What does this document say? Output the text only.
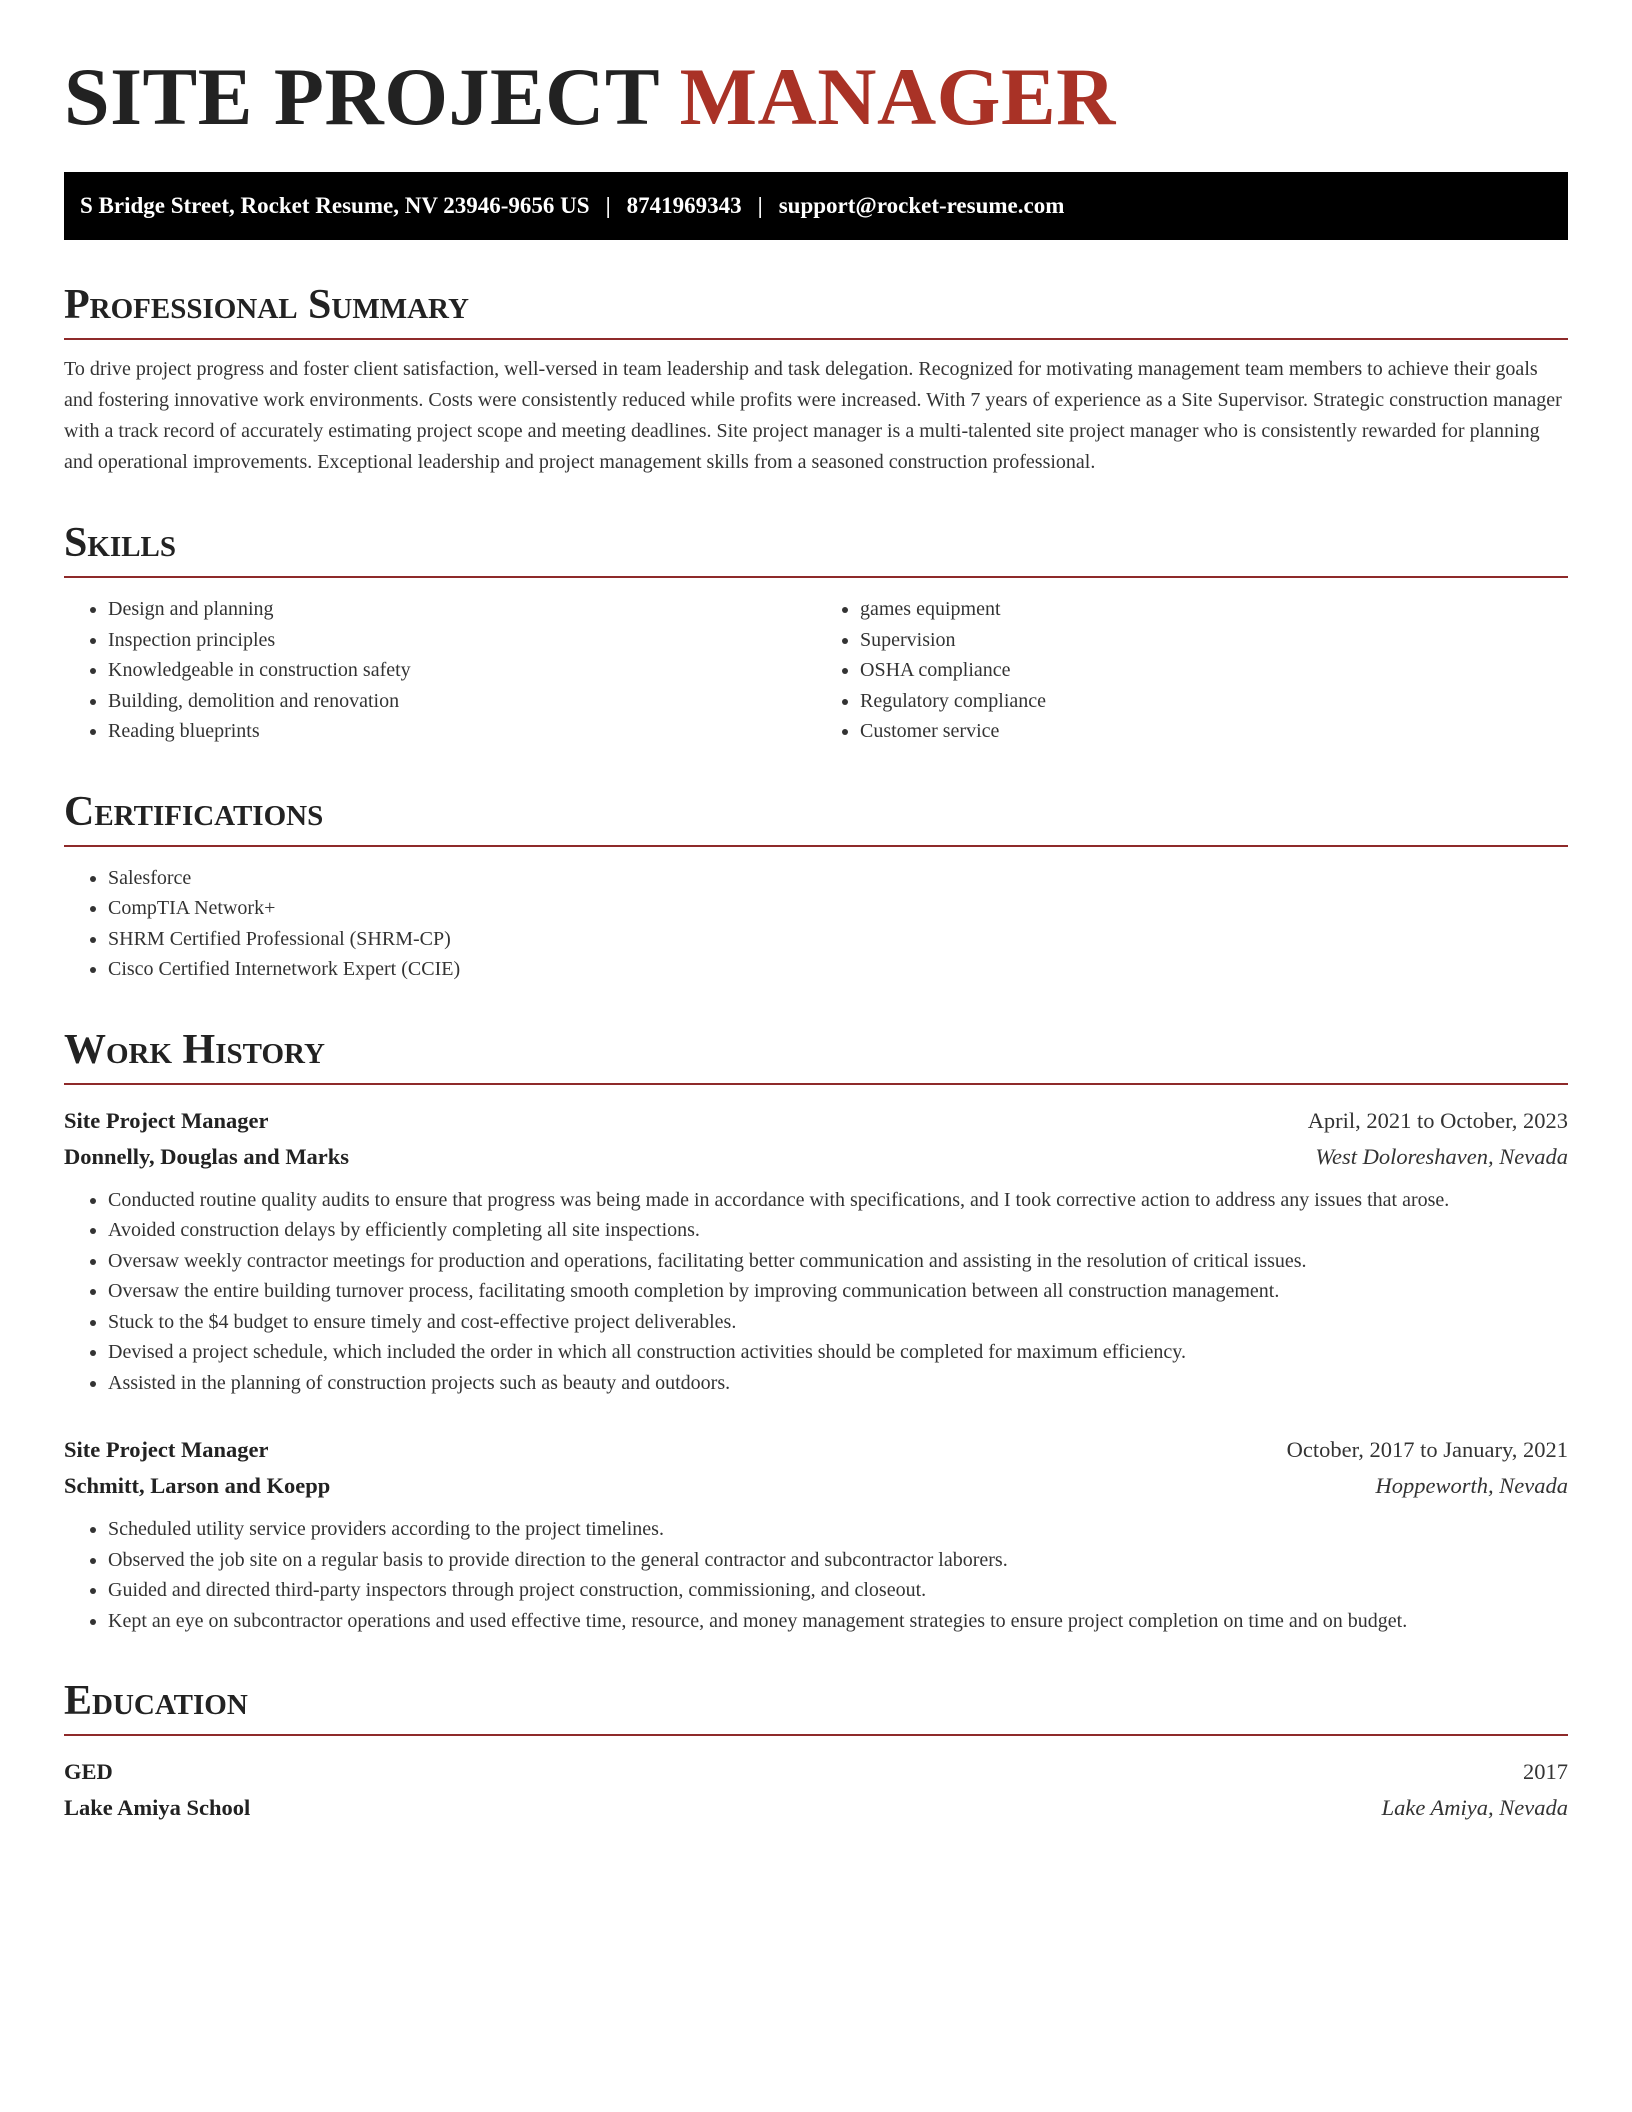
SITE PROJECT MANAGER
S Bridge Street, Rocket Resume, NV 23946-9656 US | 8741969343 | support@rocket-resume.com
Professional Summary

To drive project progress and foster client satisfaction, well-versed in team leadership and task delegation. Recognized for motivating management team members to achieve their goals and fostering innovative work environments. Costs were consistently reduced while profits were increased. With 7 years of experience as a Site Supervisor. Strategic construction manager with a track record of accurately estimating project scope and meeting deadlines. Site project manager is a multi-talented site project manager who is consistently rewarded for planning and operational improvements. Exceptional leadership and project management skills from a seasoned construction professional.

Skills
• Design and planning
• Inspection principles
• Knowledgeable in construction safety
• Building, demolition and renovation
• Reading blueprints
• games equipment
• Supervision
• OSHA compliance
• Regulatory compliance
• Customer service
Certifications
• Salesforce
• CompTIA Network+
• SHRM Certified Professional (SHRM-CP)
• Cisco Certified Internetwork Expert (CCIE)
Work History
Site Project Manager	April, 2021 to October, 2023
Donnelly, Douglas and Marks	West Doloreshaven, Nevada
• Conducted routine quality audits to ensure that progress was being made in accordance with specifications, and I took corrective action to address any issues that arose.
• Avoided construction delays by efficiently completing all site inspections.
• Oversaw weekly contractor meetings for production and operations, facilitating better communication and assisting in the resolution of critical issues.
• Oversaw the entire building turnover process, facilitating smooth completion by improving communication between all construction management.
• Stuck to the $4 budget to ensure timely and cost-effective project deliverables.
• Devised a project schedule, which included the order in which all construction activities should be completed for maximum efficiency.
• Assisted in the planning of construction projects such as beauty and outdoors.
Site Project Manager	October, 2017 to January, 2021
Schmitt, Larson and Koepp	Hoppeworth, Nevada
• Scheduled utility service providers according to the project timelines.
• Observed the job site on a regular basis to provide direction to the general contractor and subcontractor laborers.
• Guided and directed third-party inspectors through project construction, commissioning, and closeout.
• Kept an eye on subcontractor operations and used effective time, resource, and money management strategies to ensure project completion on time and on budget.
Education
GED	2017
Lake Amiya School	Lake Amiya, Nevada
